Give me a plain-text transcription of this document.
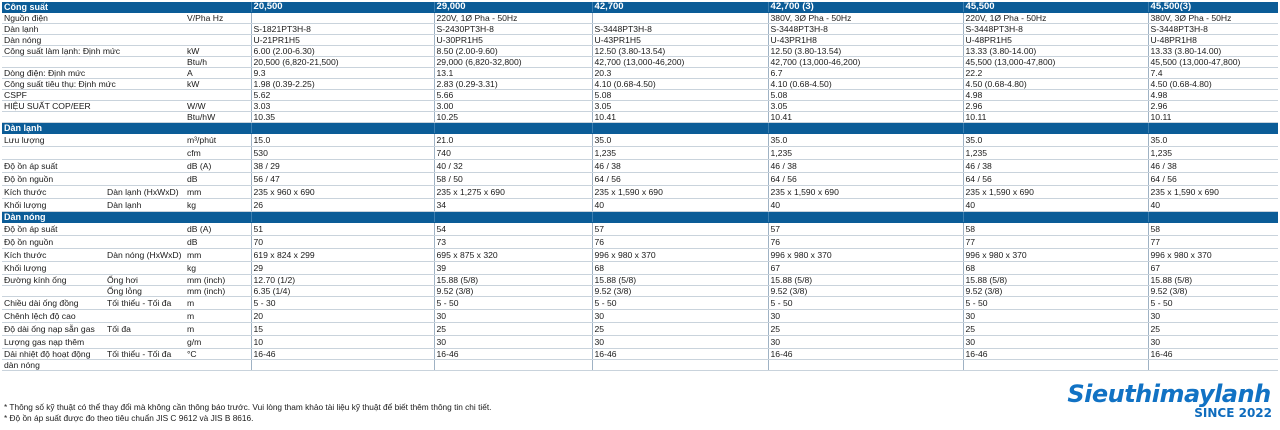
Công suất			20,500	29,000	42,700	42,700 (3)	45,500	45,500(3)
Nguồn điện		V/Pha Hz		220V, 1Ø Pha - 50Hz		380V, 3Ø Pha - 50Hz	220V, 1Ø Pha - 50Hz	380V, 3Ø Pha - 50Hz
Dàn lạnh			S-1821PT3H-8	S-2430PT3H-8	S-3448PT3H-8	S-3448PT3H-8	S-3448PT3H-8	S-3448PT3H-8
Dàn nóng			U-21PR1H5	U-30PR1H5	U-43PR1H5	U-43PR1H8	U-48PR1H5	U-48PR1H8
Công suất làm lạnh: Định mức		kW	6.00 (2.00-6.30)	8.50 (2.00-9.60)	12.50 (3.80-13.54)	12.50 (3.80-13.54)	13.33 (3.80-14.00)	13.33 (3.80-14.00)
		Btu/h	20,500 (6,820-21,500)	29,000 (6,820-32,800)	42,700 (13,000-46,200)	42,700 (13,000-46,200)	45,500 (13,000-47,800)	45,500 (13,000-47,800)
Dòng điện: Định mức		A	9.3	13.1	20.3	6.7	22.2	7.4
Công suất tiêu thụ: Định mức		kW	1.98 (0.39-2.25)	2.83 (0.29-3.31)	4.10 (0.68-4.50)	4.10 (0.68-4.50)	4.50 (0.68-4.80)	4.50 (0.68-4.80)
CSPF			5.62	5.66	5.08	5.08	4.98	4.98
HIỆU SUẤT COP/EER		W/W	3.03	3.00	3.05	3.05	2.96	2.96
		Btu/hW	10.35	10.25	10.41	10.41	10.11	10.11
Dàn lạnh								
Lưu lượng		m³/phút	15.0	21.0	35.0	35.0	35.0	35.0
		cfm	530	740	1,235	1,235	1,235	1,235
Độ ồn áp suất		dB (A)	38 / 29	40 / 32	46 / 38	46 / 38	46 / 38	46 / 38
Độ ồn nguồn		dB	56 / 47	58 / 50	64 / 56	64 / 56	64 / 56	64 / 56
Kích thước	Dàn lạnh (HxWxD)	mm	235 x 960 x 690	235 x 1,275 x 690	235 x 1,590 x 690	235 x 1,590 x 690	235 x 1,590 x 690	235 x 1,590 x 690
Khối lượng	Dàn lạnh	kg	26	34	40	40	40	40
Dàn nóng								
Độ ồn áp suất		dB (A)	51	54	57	57	58	58
Độ ồn nguồn		dB	70	73	76	76	77	77
Kích thước	Dàn nóng (HxWxD)	mm	619 x 824 x 299	695 x 875 x 320	996 x 980 x 370	996 x 980 x 370	996 x 980 x 370	996 x 980 x 370
Khối lượng		kg	29	39	68	67	68	67
Đường kính ống	Ống hơi	mm (inch)	12.70 (1/2)	15.88 (5/8)	15.88 (5/8)	15.88 (5/8)	15.88 (5/8)	15.88 (5/8)
	Ống lỏng	mm (inch)	6.35 (1/4)	9.52 (3/8)	9.52 (3/8)	9.52 (3/8)	9.52 (3/8)	9.52 (3/8)
Chiều dài ống đồng	Tối thiểu - Tối đa	m	5 - 30	5 - 50	5 - 50	5 - 50	5 - 50	5 - 50
Chênh lệch độ cao		m	20	30	30	30	30	30
Độ dài ống nạp sẵn gas	Tối đa	m	15	25	25	25	25	25
Lượng gas nạp thêm		g/m	10	30	30	30	30	30
Dải nhiệt độ hoạt động	Tối thiểu - Tối đa	°C	16-46	16-46	16-46	16-46	16-46	16-46
dàn nóng								
* Thông số kỹ thuật có thể thay đổi mà không cần thông báo trước. Vui lòng tham khảo tài liệu kỹ thuật để biết thêm thông tin chi tiết.
* Độ ồn áp suất được đo theo tiêu chuẩn JIS C 9612 và JIS B 8616.
Sieuthimaylanh
SINCE 2022
